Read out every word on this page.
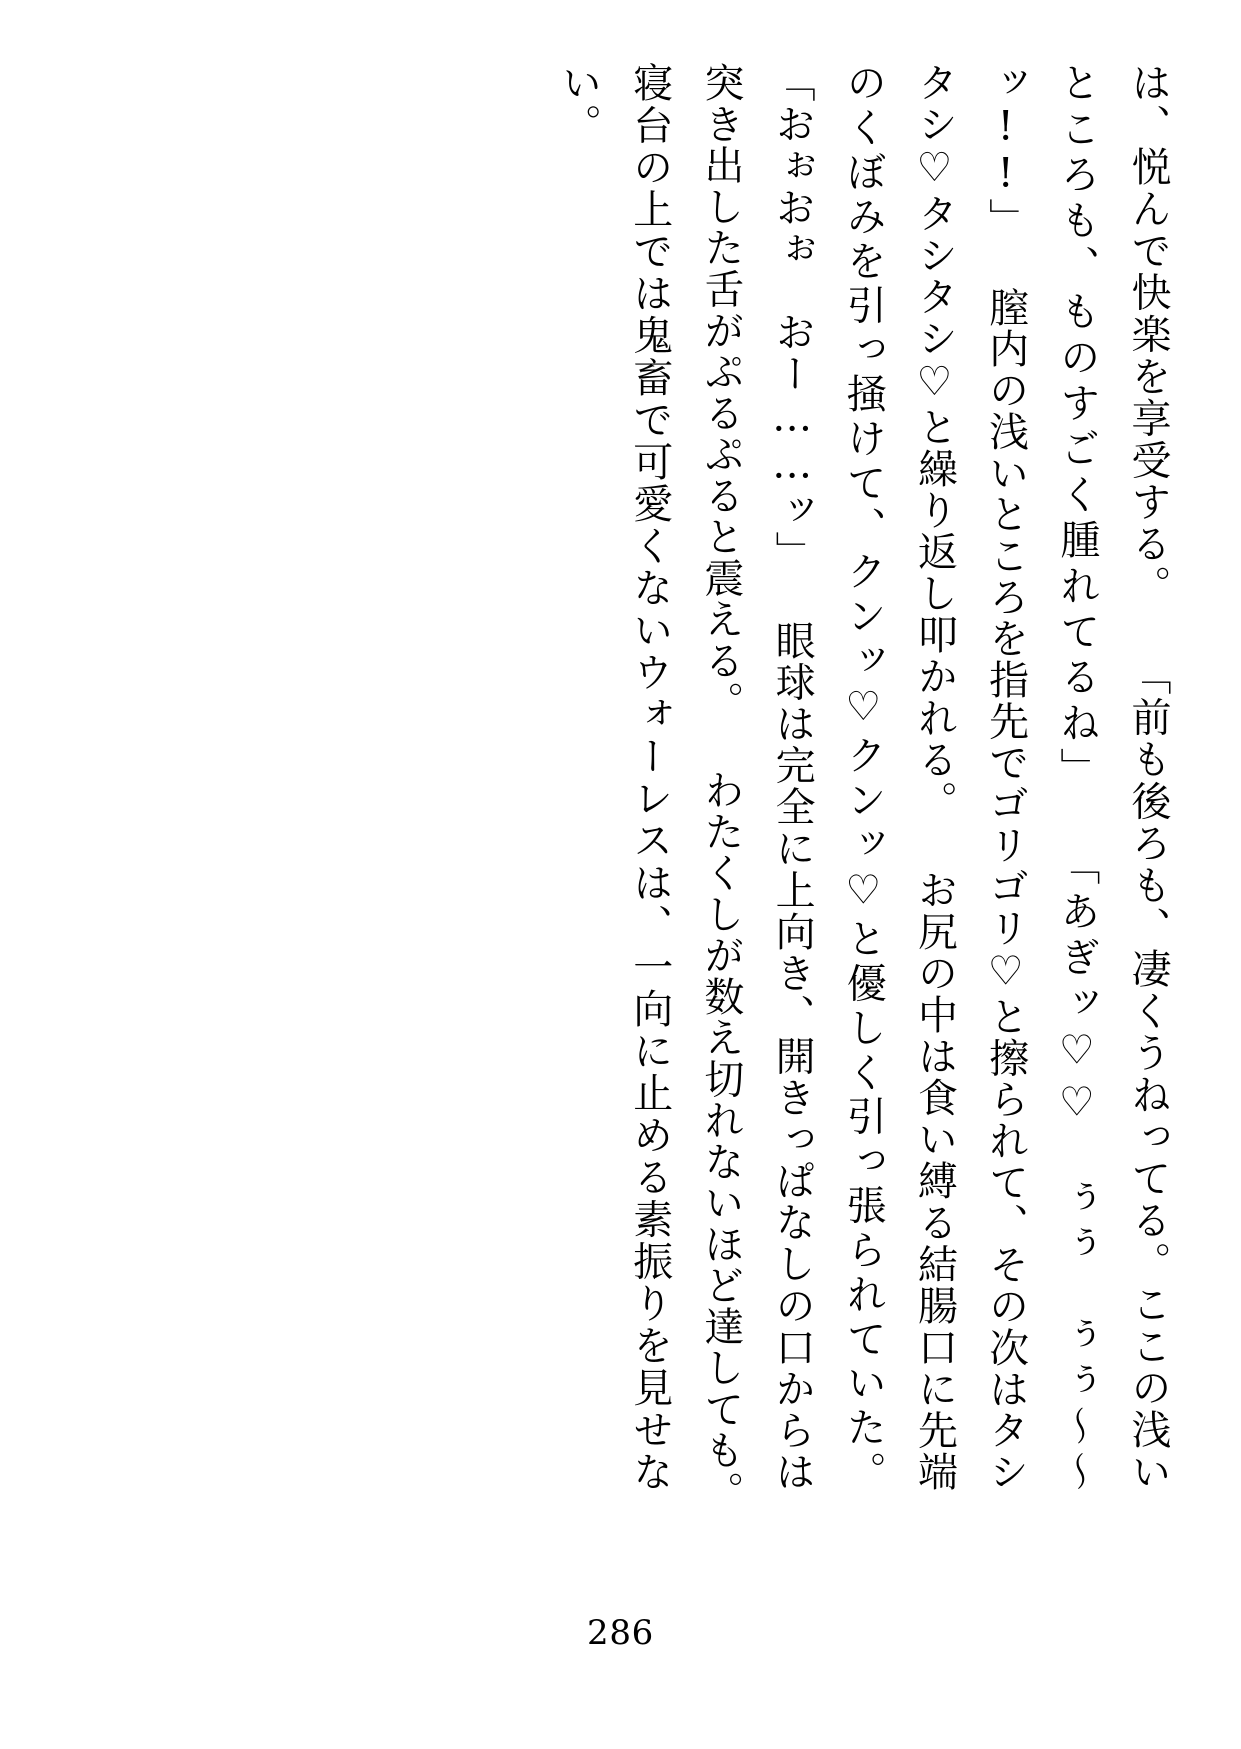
は、悦んで快楽を享受する。 「前も後ろも、凄くうねってる。ここの浅いところも、ものすごく腫れてるね」 「あぎッ♡♡　ぅぅ　ぅぅ～～ッ!!」 膣内の浅いところを指先でゴリゴリ♡と擦られて、その次はタシタシ♡タシタシ♡と繰り返し叩かれる。 お尻の中は食い縛る結腸口に先端のくぼみを引っ掻けて、クンッ♡クンッ♡と優しく引っ張られていた。 「おぉおぉ　おー……ッ」 眼球は完全に上向き、開きっぱなしの口からは突き出した舌がぷるぷると震える。 わたくしが数え切れないほど達しても。　寝台の上では鬼畜で可愛くないウォーレスは、一向に止める素振りを見せない。
286
